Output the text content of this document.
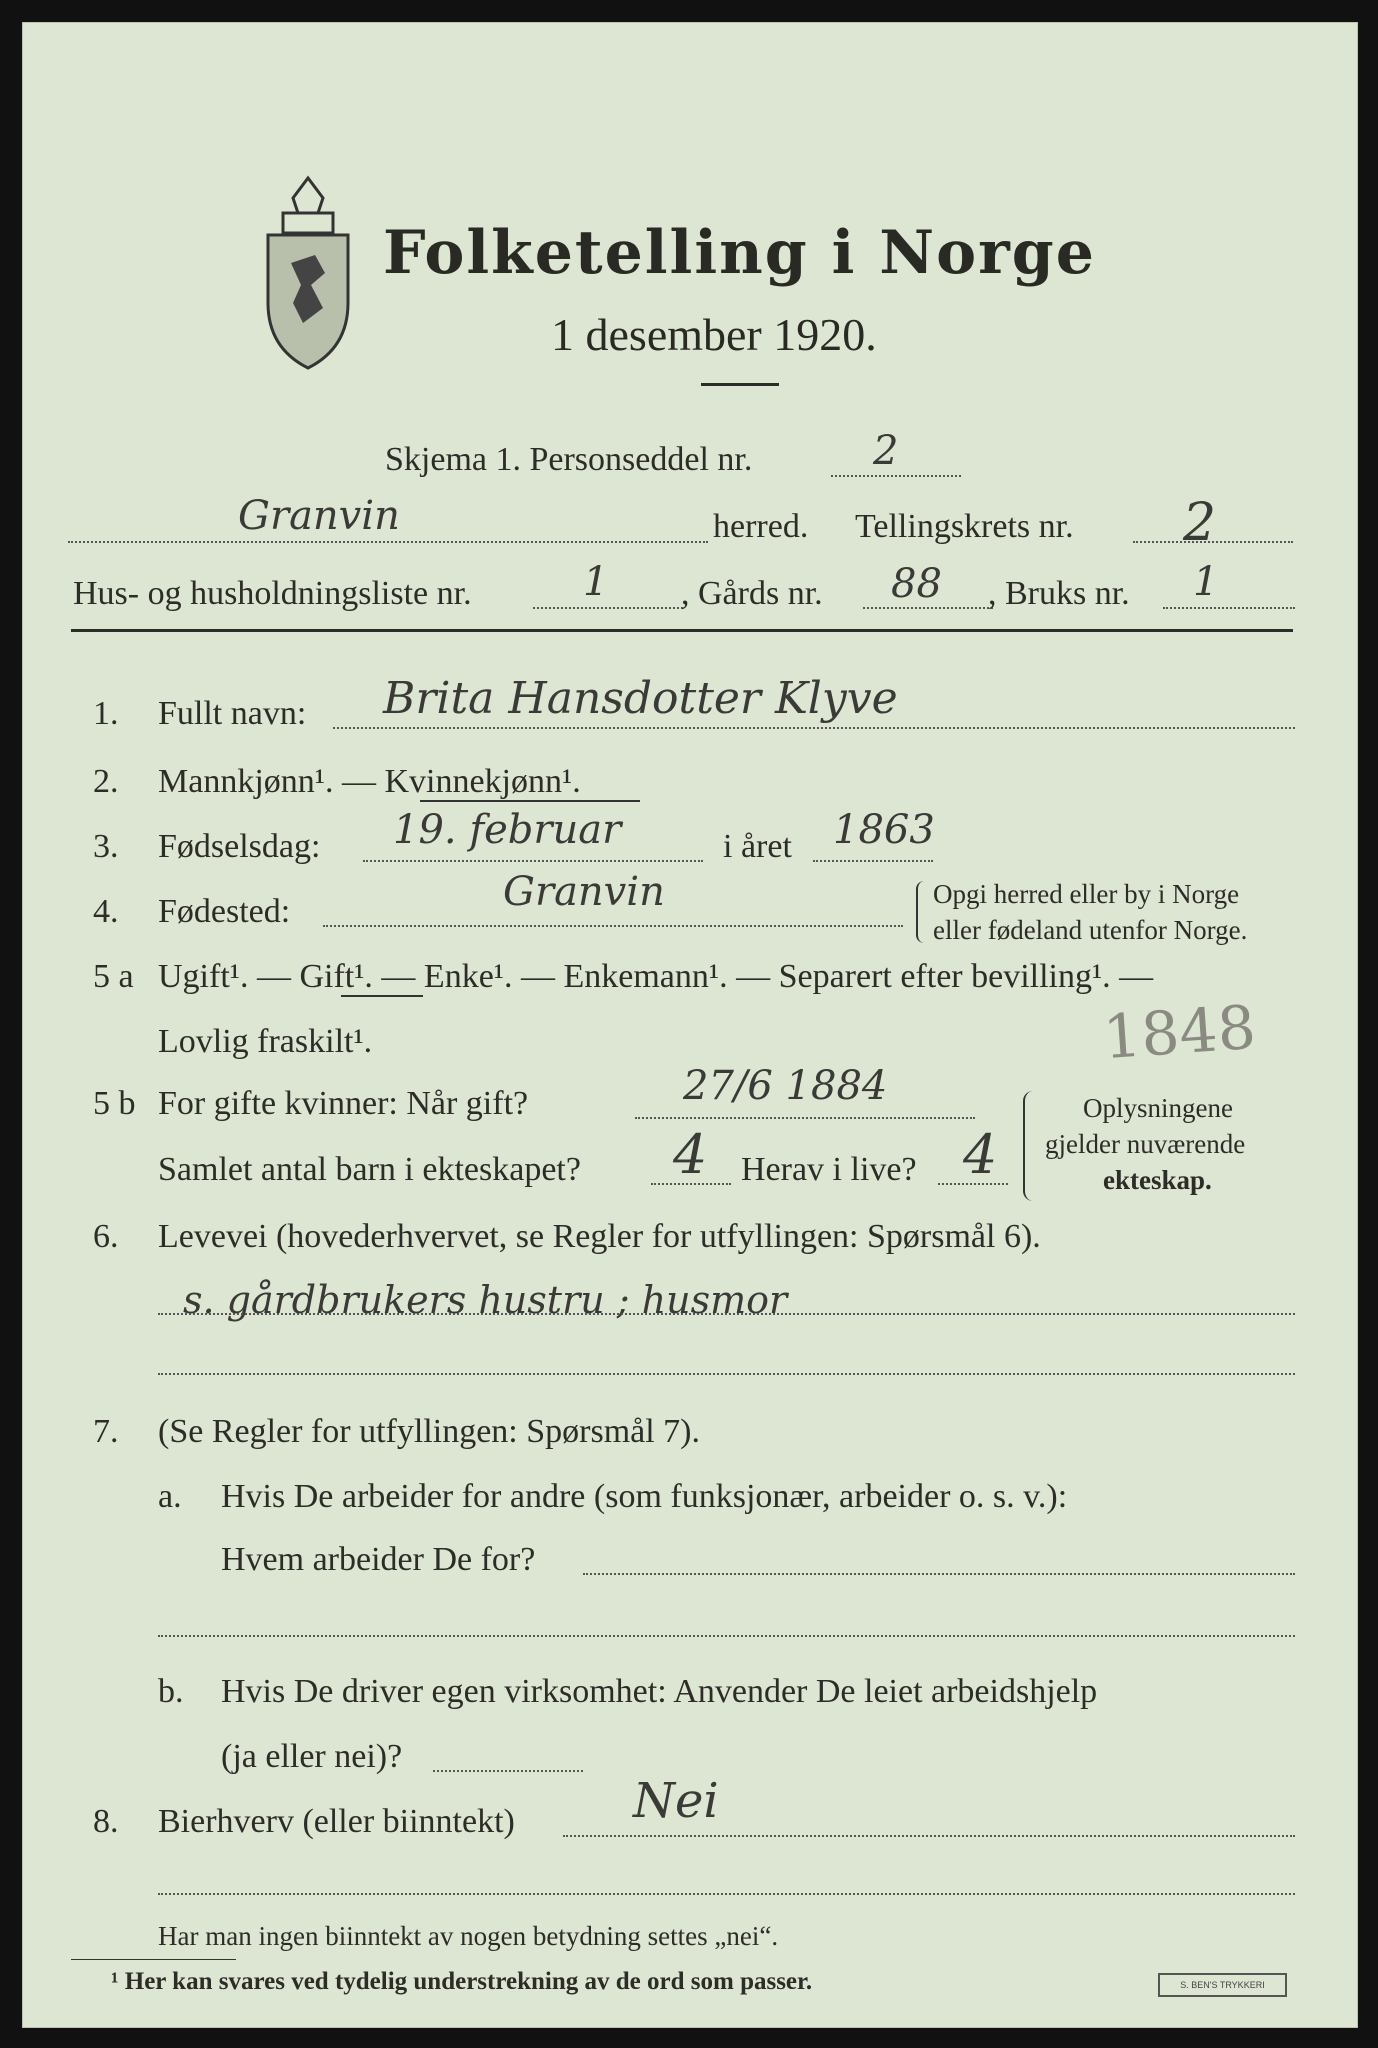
Folketelling i Norge
1 desember 1920.
Skjema 1. Personseddel nr.	2
Granvin	herred. Tellingskrets nr. 2
Hus- og husholdningsliste nr.	1 , Gårds nr. 88 , Bruks nr. 1
1. Fullt navn: Brita Hansdotter Klyve
2. Mannkjønn¹. — Kvinnekjønn¹.
3. Fødselsdag: 19. februar	i året 1863
4. Fødested:	Granvin	Opgi herred eller by i Norge
eller fødeland utenfor Norge.
5 a Ugift¹. — Gift¹. — Enke¹. — Enkemann¹. — Separert efter bevilling¹. —
Lovlig fraskilt¹.	1848
5 b For gifte kvinner: Når gift?	27/6 1884
Samlet antal barn i ekteskapet? 4 Herav i live? 4
Oplysningene
gjelder nuværende
ekteskap.
6. Levevei (hovederhvervet, se Regler for utfyllingen: Spørsmål 6).
s. gårdbrukers hustru ; husmor
7. (Se Regler for utfyllingen: Spørsmål 7).
a. Hvis De arbeider for andre (som funksjonær, arbeider o. s. v.):
Hvem arbeider De for?
b. Hvis De driver egen virksomhet: Anvender De leiet arbeidshjelp
(ja eller nei)?
8. Bierhverv (eller biinntekt) Nei
Har man ingen biinntekt av nogen betydning settes „nei“.
¹ Her kan svares ved tydelig understrekning av de ord som passer.	S. BEN'S TRYKKERI
